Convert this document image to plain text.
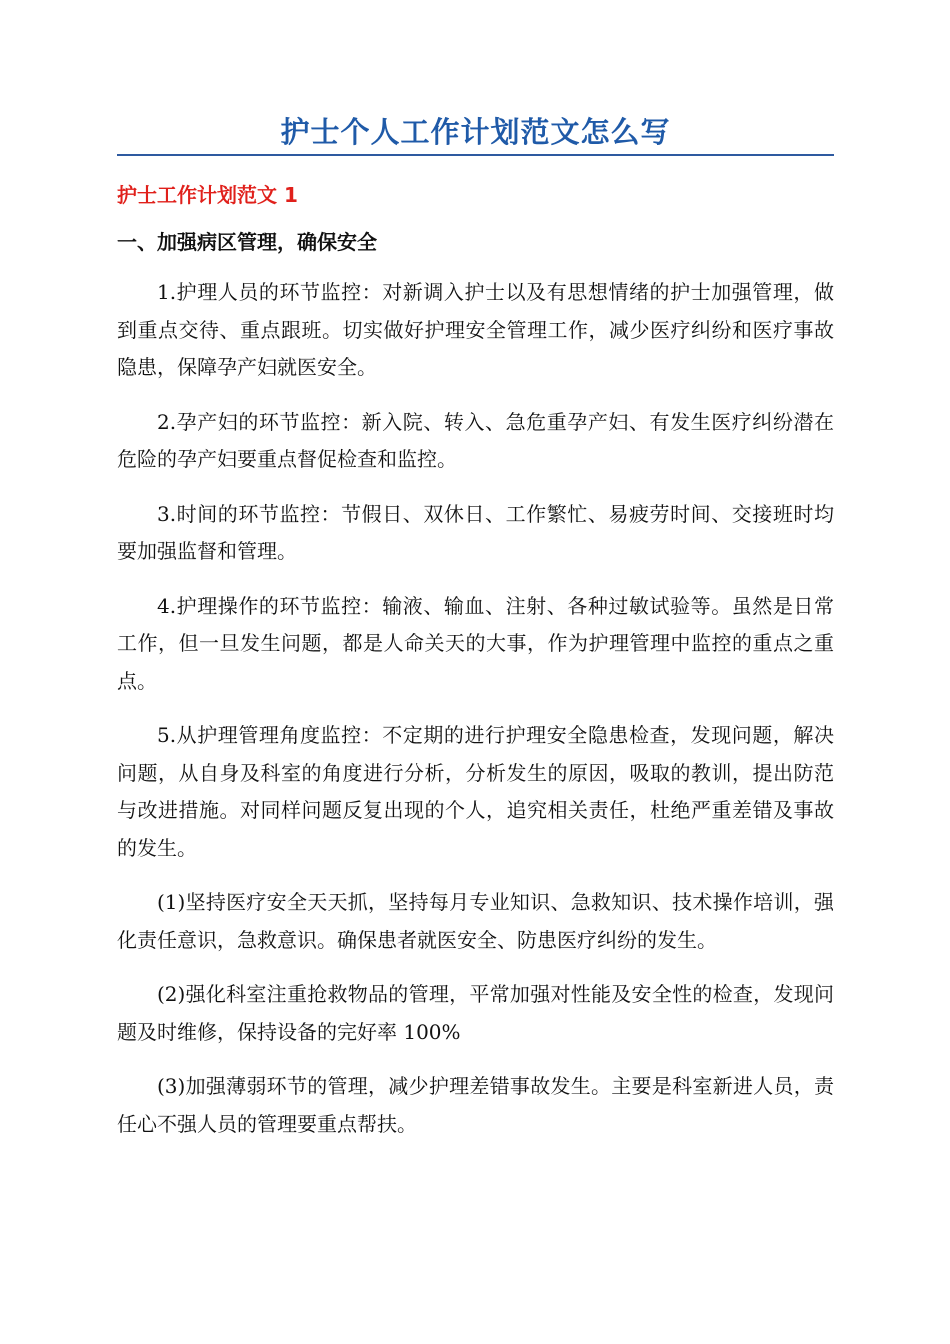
护士个人工作计划范文怎么写
护士工作计划范文 1
一、加强病区管理，确保安全

1.护理人员的环节监控：对新调入护士以及有思想情绪的护士加强管理，做到重点交待、重点跟班。切实做好护理安全管理工作，减少医疗纠纷和医疗事故隐患，保障孕产妇就医安全。

2.孕产妇的环节监控：新入院、转入、急危重孕产妇、有发生医疗纠纷潜在危险的孕产妇要重点督促检查和监控。

3.时间的环节监控：节假日、双休日、工作繁忙、易疲劳时间、交接班时均要加强监督和管理。

4.护理操作的环节监控：输液、输血、注射、各种过敏试验等。虽然是日常工作，但一旦发生问题，都是人命关天的大事，作为护理管理中监控的重点之重点。

5.从护理管理角度监控：不定期的进行护理安全隐患检查，发现问题，解决问题，从自身及科室的角度进行分析，分析发生的原因，吸取的教训，提出防范与改进措施。对同样问题反复出现的个人，追究相关责任，杜绝严重差错及事故的发生。

(1)坚持医疗安全天天抓，坚持每月专业知识、急救知识、技术操作培训，强化责任意识，急救意识。确保患者就医安全、防患医疗纠纷的发生。

(2)强化科室注重抢救物品的管理，平常加强对性能及安全性的检查，发现问题及时维修，保持设备的完好率 100%

(3)加强薄弱环节的管理，减少护理差错事故发生。主要是科室新进人员，责任心不强人员的管理要重点帮扶。
